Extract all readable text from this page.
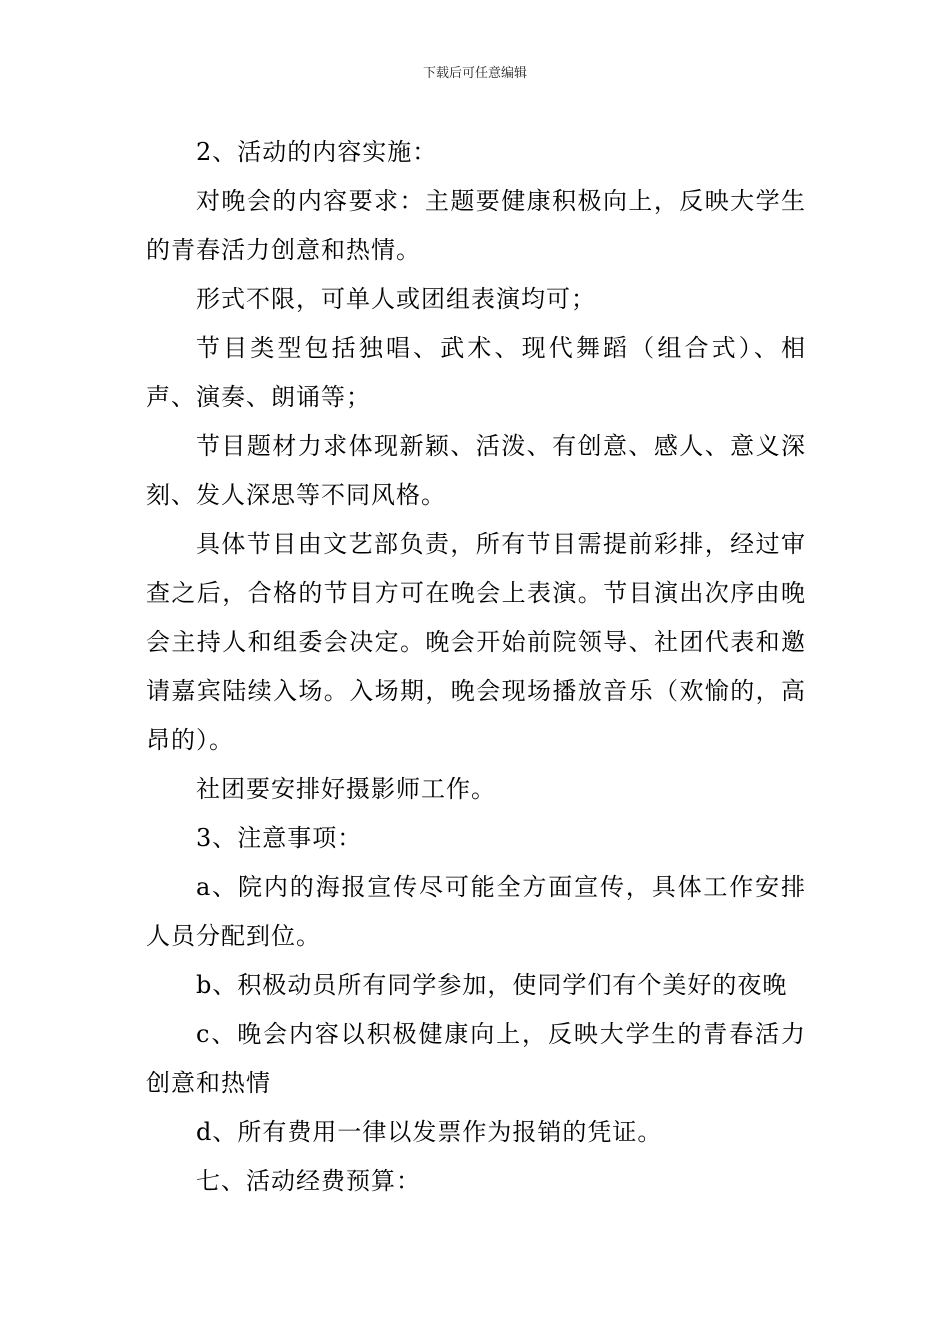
下载后可任意编辑

2、活动的内容实施：

对晚会的内容要求：主题要健康积极向上，反映大学生的青春活力创意和热情。

形式不限，可单人或团组表演均可；

节目类型包括独唱、武术、现代舞蹈（组合式）、相声、演奏、朗诵等；

节目题材力求体现新颖、活泼、有创意、感人、意义深刻、发人深思等不同风格。

具体节目由文艺部负责，所有节目需提前彩排，经过审查之后，合格的节目方可在晚会上表演。节目演出次序由晚会主持人和组委会决定。晚会开始前院领导、社团代表和邀请嘉宾陆续入场。入场期，晚会现场播放音乐（欢愉的，高昂的）。

社团要安排好摄影师工作。

3、注意事项：

a、院内的海报宣传尽可能全方面宣传，具体工作安排人员分配到位。

b、积极动员所有同学参加，使同学们有个美好的夜晚

c、晚会内容以积极健康向上，反映大学生的青春活力创意和热情

d、所有费用一律以发票作为报销的凭证。

七、活动经费预算：
